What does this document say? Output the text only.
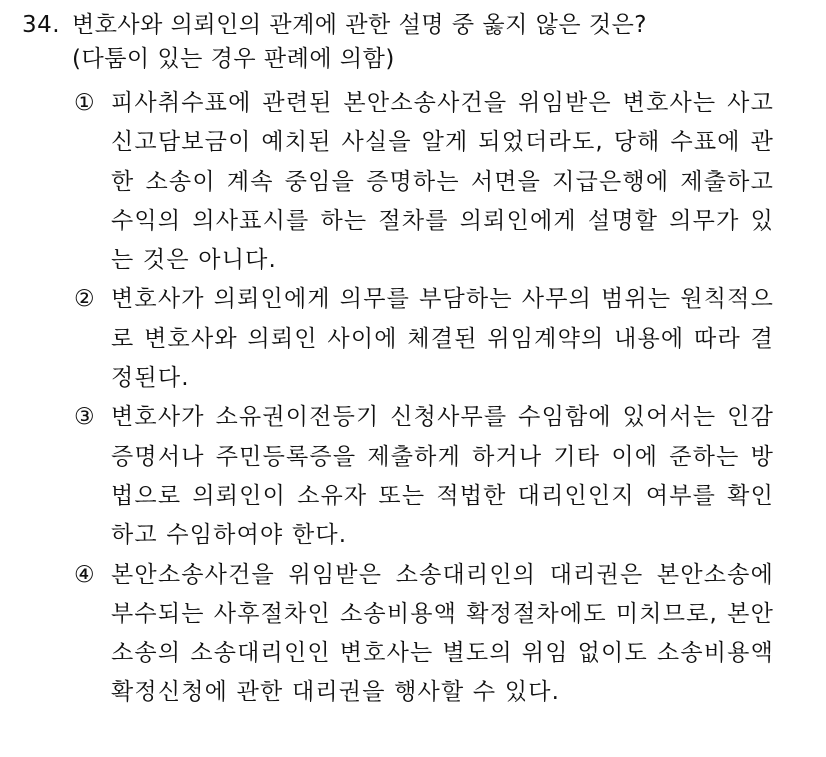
34. 변호사와 의뢰인의 관계에 관한 설명 중 옳지 않은 것은?
(다툼이 있는 경우 판례에 의함)
① 피사취수표에 관련된 본안소송사건을 위임받은 변호사는 사고신고담보금이 예치된 사실을 알게 되었더라도, 당해 수표에 관한 소송이 계속 중임을 증명하는 서면을 지급은행에 제출하고 수익의 의사표시를 하는 절차를 의뢰인에게 설명할 의무가 있는 것은 아니다.
② 변호사가 의뢰인에게 의무를 부담하는 사무의 범위는 원칙적으로 변호사와 의뢰인 사이에 체결된 위임계약의 내용에 따라 결정된다.
③ 변호사가 소유권이전등기 신청사무를 수임함에 있어서는 인감증명서나 주민등록증을 제출하게 하거나 기타 이에 준하는 방법으로 의뢰인이 소유자 또는 적법한 대리인인지 여부를 확인하고 수임하여야 한다.
④ 본안소송사건을 위임받은 소송대리인의 대리권은 본안소송에 부수되는 사후절차인 소송비용액 확정절차에도 미치므로, 본안소송의 소송대리인인 변호사는 별도의 위임 없이도 소송비용액 확정신청에 관한 대리권을 행사할 수 있다.
